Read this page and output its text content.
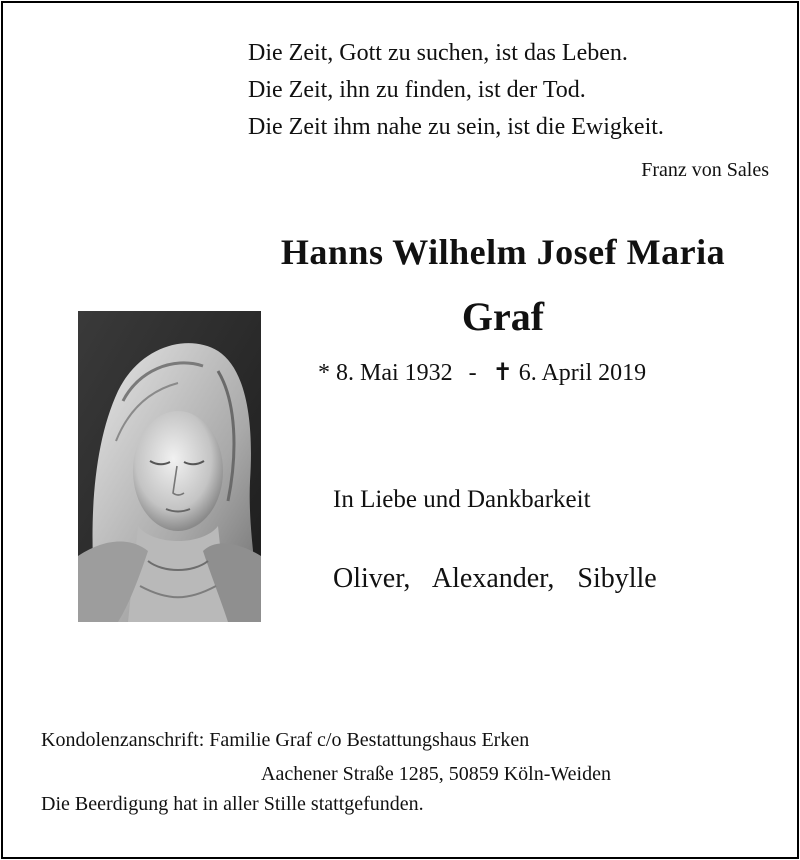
Die Zeit, Gott zu suchen, ist das Leben.
Die Zeit, ihn zu finden, ist der Tod.
Die Zeit ihm nahe zu sein, ist die Ewigkeit.
Franz von Sales
Hanns Wilhelm Josef Maria
Graf
* 8. Mai 1932 - ✝ 6. April 2019
In Liebe und Dankbarkeit
Oliver, Alexander, Sibylle
Kondolenzanschrift: Familie Graf c/o Bestattungshaus Erken
Aachener Straße 1285, 50859 Köln-Weiden
Die Beerdigung hat in aller Stille stattgefunden.
